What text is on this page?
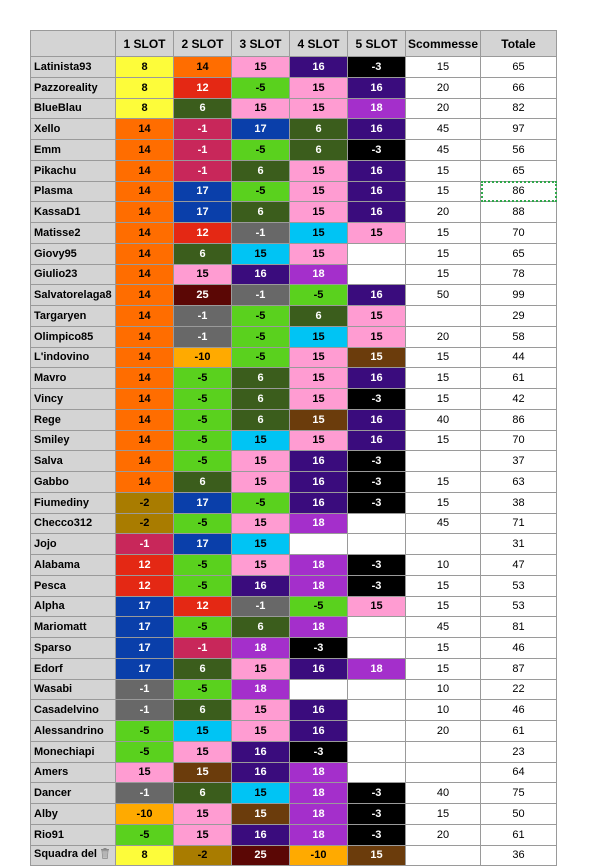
	1 SLOT	2 SLOT	3 SLOT	4 SLOT	5 SLOT	Scommesse	Totale
Latinista93	8	14	15	16	-3	15	65
Pazzoreality	8	12	-5	15	16	20	66
BlueBlau	8	6	15	15	18	20	82
Xello	14	-1	17	6	16	45	97
Emm	14	-1	-5	6	-3	45	56
Pikachu	14	-1	6	15	16	15	65
Plasma	14	17	-5	15	16	15	86
KassaD1	14	17	6	15	16	20	88
Matisse2	14	12	-1	15	15	15	70
Giovy95	14	6	15	15		15	65
Giulio23	14	15	16	18		15	78
Salvatorelaga8	14	25	-1	-5	16	50	99
Targaryen	14	-1	-5	6	15		29
Olimpico85	14	-1	-5	15	15	20	58
L'indovino	14	-10	-5	15	15	15	44
Mavro	14	-5	6	15	16	15	61
Vincy	14	-5	6	15	-3	15	42
Rege	14	-5	6	15	16	40	86
Smiley	14	-5	15	15	16	15	70
Salva	14	-5	15	16	-3		37
Gabbo	14	6	15	16	-3	15	63
Fiumediny	-2	17	-5	16	-3	15	38
Checco312	-2	-5	15	18		45	71
Jojo	-1	17	15				31
Alabama	12	-5	15	18	-3	10	47
Pesca	12	-5	16	18	-3	15	53
Alpha	17	12	-1	-5	15	15	53
Mariomatt	17	-5	6	18		45	81
Sparso	17	-1	18	-3		15	46
Edorf	17	6	15	16	18	15	87
Wasabi	-1	-5	18			10	22
Casadelvino	-1	6	15	16		10	46
Alessandrino	-5	15	15	16		20	61
Monechiapi	-5	15	16	-3			23
Amers	15	15	16	18			64
Dancer	-1	6	15	18	-3	40	75
Alby	-10	15	15	18	-3	15	50
Rio91	-5	15	16	18	-3	20	61
Squadra del	8	-2	25	-10	15		36
